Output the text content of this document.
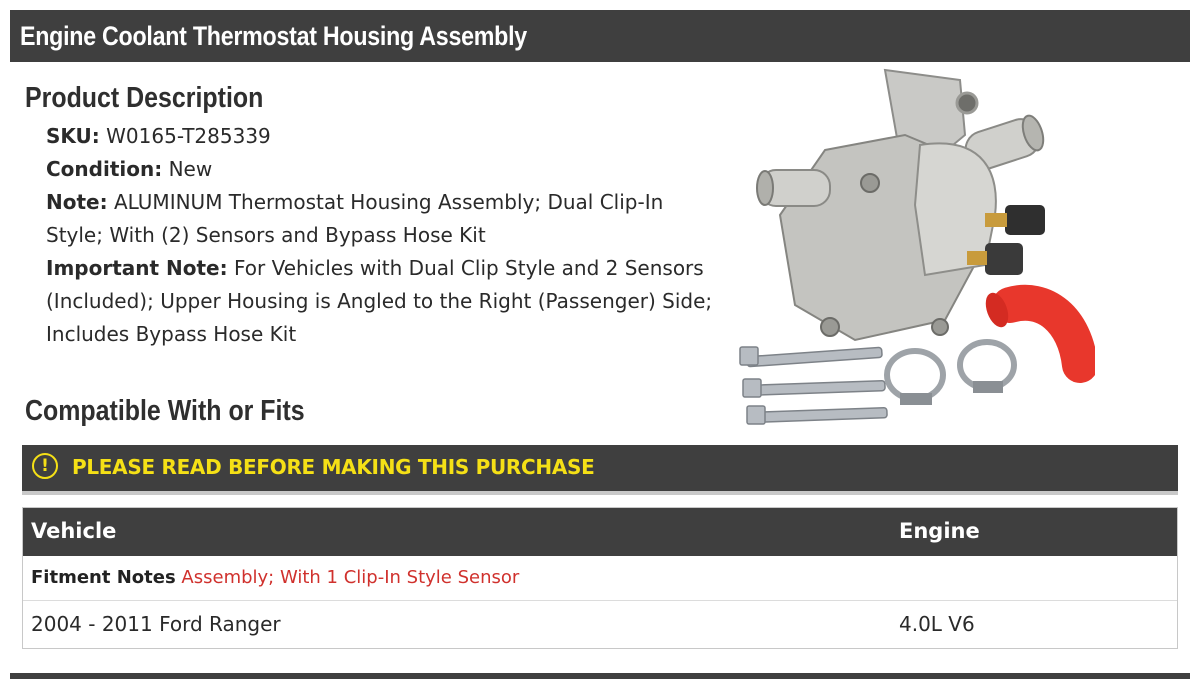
Engine Coolant Thermostat Housing Assembly
Product Description

SKU: W0165-T285339

Condition: New

Note: ALUMINUM Thermostat Housing Assembly; Dual Clip-In Style; With (2) Sensors and Bypass Hose Kit

Important Note: For Vehicles with Dual Clip Style and 2 Sensors (Included); Upper Housing is Angled to the Right (Passenger) Side; Includes Bypass Hose Kit

Compatible With or Fits
!	PLEASE READ BEFORE MAKING THIS PURCHASE
Vehicle	Engine
Fitment Notes Assembly; With 1 Clip-In Style Sensor
2004 - 2011 Ford Ranger	4.0L V6
